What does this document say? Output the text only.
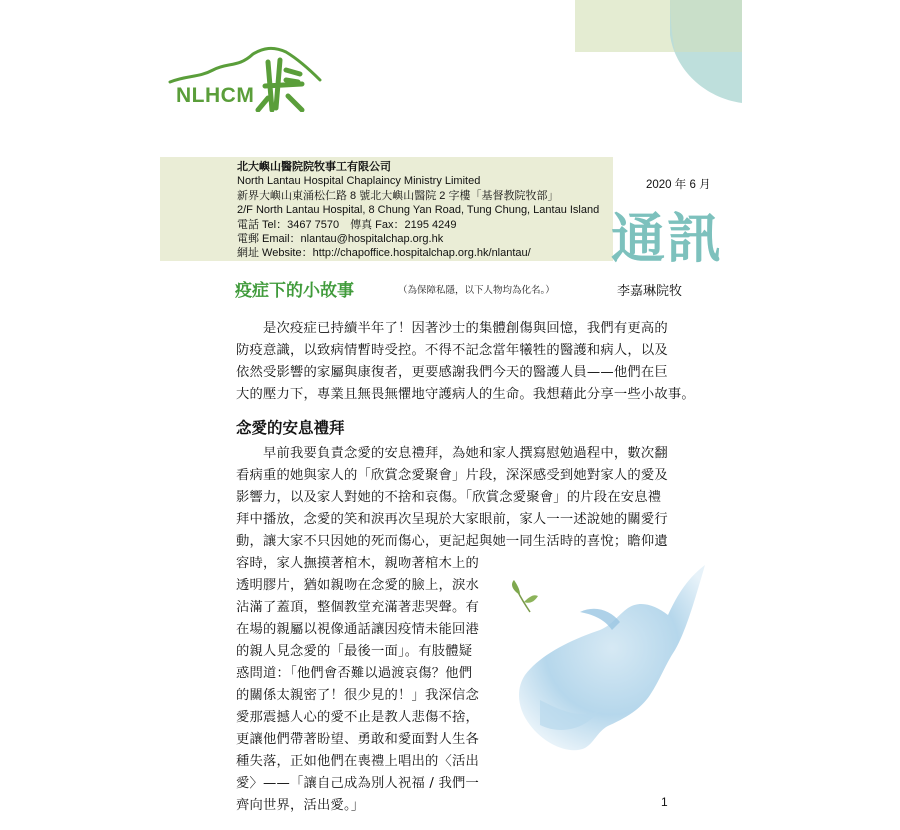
NLHCM
北大嶼山醫院院牧事工有限公司
North Lantau Hospital Chaplaincy Ministry Limited
新界大嶼山東涌松仁路 8 號北大嶼山醫院 2 字樓「基督教院牧部」
2/F North Lantau Hospital, 8 Chung Yan Road, Tung Chung, Lantau Island
電話 Tel：3467 7570　傳真 Fax：2195 4249
電郵 Email：nlantau@hospitalchap.org.hk
網址 Website：http://chapoffice.hospitalchap.org.hk/nlantau/
2020 年 6 月
通訊
疫症下的小故事	（為保障私隱，以下人物均為化名。）	李嘉琳院牧
　　是次疫症已持續半年了！因著沙士的集體創傷與回憶，我們有更高的
防疫意識，以致病情暫時受控。不得不記念當年犧牲的醫護和病人，以及
依然受影響的家屬與康復者，更要感謝我們今天的醫護人員——他們在巨
大的壓力下，專業且無畏無懼地守護病人的生命。我想藉此分享一些小故事。
念愛的安息禮拜
　　早前我要負責念愛的安息禮拜，為她和家人撰寫慰勉過程中，數次翻
看病重的她與家人的「欣賞念愛聚會」片段，深深感受到她對家人的愛及
影響力，以及家人對她的不捨和哀傷。「欣賞念愛聚會」的片段在安息禮
拜中播放，念愛的笑和淚再次呈現於大家眼前，家人一一述說她的關愛行
動，讓大家不只因她的死而傷心，更記起與她一同生活時的喜悅；瞻仰遺
容時，家人撫摸著棺木，親吻著棺木上的
透明膠片，猶如親吻在念愛的臉上，淚水
沾滿了蓋頂，整個教堂充滿著悲哭聲。有
在場的親屬以視像通話讓因疫情未能回港
的親人見念愛的「最後一面」。有肢體疑
惑問道：「他們會否難以過渡哀傷？他們
的關係太親密了！很少見的！」我深信念
愛那震撼人心的愛不止是教人悲傷不捨，
更讓他們帶著盼望、勇敢和愛面對人生各
種失落，正如他們在喪禮上唱出的〈活出
愛〉——「讓自己成為別人祝福 / 我們一
齊向世界，活出愛。」	1
